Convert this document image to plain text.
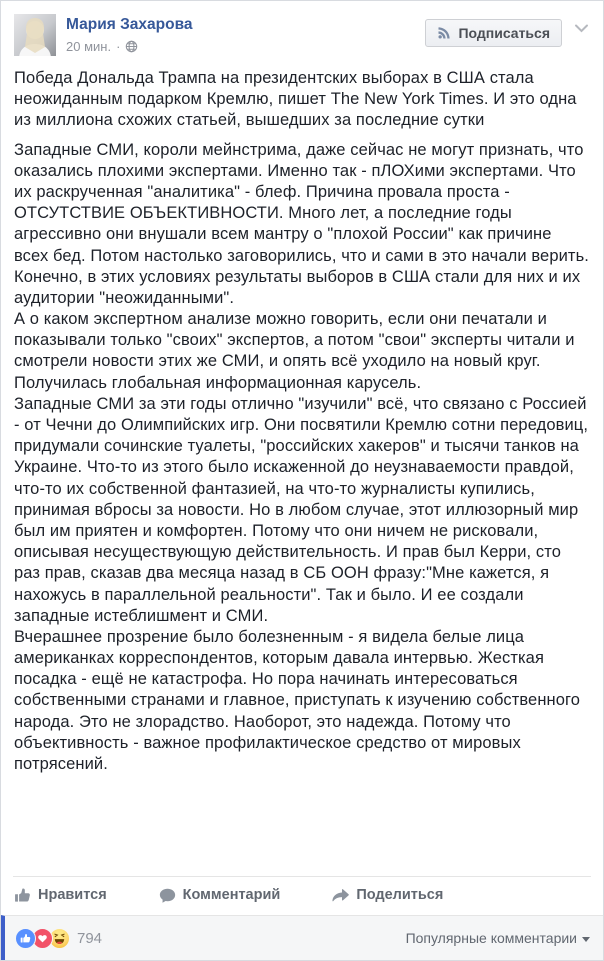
Мария Захарова
20 мин. ·
Подписаться

Победа Дональда Трампа на президентских выборах в США стала неожиданным подарком Кремлю, пишет The New York Times. И это одна из миллиона схожих статьей, вышедших за последние сутки

Западные СМИ, короли мейнстрима, даже сейчас не могут признать, что оказались плохими экспертами. Именно так - пЛОХими экспертами. Что их раскрученная "аналитика" - блеф. Причина провала проста - ОТСУТСТВИЕ ОБЪЕКТИВНОСТИ. Много лет, а последние годы агрессивно они внушали всем мантру о "плохой России" как причине всех бед. Потом настолько заговорились, что и сами в это начали верить. Конечно, в этих условиях результаты выборов в США стали для них и их аудитории "неожиданными".

А о каком экспертном анализе можно говорить, если они печатали и показывали только "своих" экспертов, а потом "свои" эксперты читали и смотрели новости этих же СМИ, и опять всё уходило на новый круг. Получилась глобальная информационная карусель.

Западные СМИ за эти годы отлично "изучили" всё, что связано с Россией - от Чечни до Олимпийских игр. Они посвятили Кремлю сотни передовиц, придумали сочинские туалеты, "российских хакеров" и тысячи танков на Украине. Что-то из этого было искаженной до неузнаваемости правдой, что-то их собственной фантазией, на что-то журналисты купились, принимая вбросы за новости. Но в любом случае, этот иллюзорный мир был им приятен и комфортен. Потому что они ничем не рисковали, описывая несуществующую действительность. И прав был Керри, сто раз прав, сказав два месяца назад в СБ ООН фразу:"Мне кажется, я нахожусь в параллельной реальности". Так и было. И ее создали западные истеблишмент и СМИ.

Вчерашнее прозрение было болезненным - я видела белые лица американках корреспондентов, которым давала интервью. Жесткая посадка - ещё не катастрофа. Но пора начинать интересоваться собственными странами и главное, приступать к изучению собственного народа. Это не злорадство. Наоборот, это надежда. Потому что объективность - важное профилактическое средство от мировых потрясений.

Нравится	Комментарий	Поделиться
794	Популярные комментарии
